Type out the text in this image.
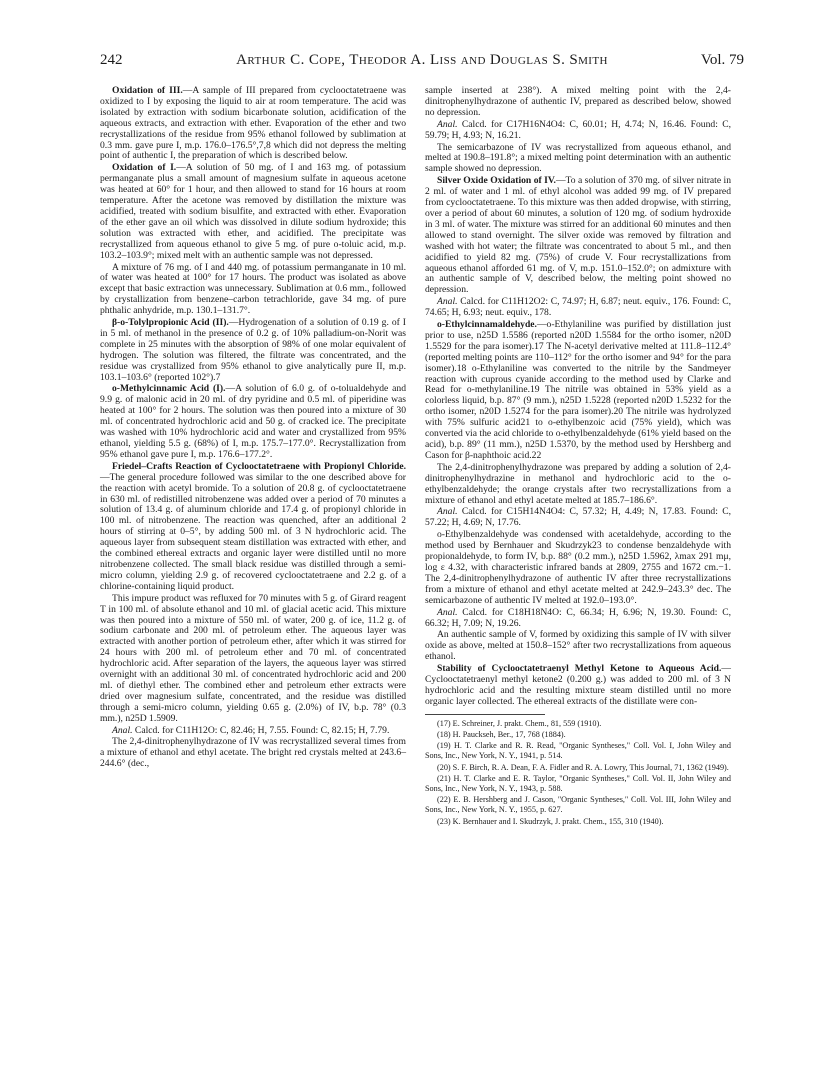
242	Arthur C. Cope, Theodor A. Liss and Douglas S. Smith	Vol. 79

Oxidation of III.—A sample of III prepared from cyclooctatetraene was oxidized to I by exposing the liquid to air at room temperature. The acid was isolated by extraction with sodium bicarbonate solution, acidification of the aqueous extracts, and extraction with ether. Evaporation of the ether and two recrystallizations of the residue from 95% ethanol followed by sublimation at 0.3 mm. gave pure I, m.p. 176.0–176.5°,7,8 which did not depress the melting point of authentic I, the preparation of which is described below.

Oxidation of I.—A solution of 50 mg. of I and 163 mg. of potassium permanganate plus a small amount of magnesium sulfate in aqueous acetone was heated at 60° for 1 hour, and then allowed to stand for 16 hours at room temperature. After the acetone was removed by distillation the mixture was acidified, treated with sodium bisulfite, and extracted with ether. Evaporation of the ether gave an oil which was dissolved in dilute sodium hydroxide; this solution was extracted with ether, and acidified. The precipitate was recrystallized from aqueous ethanol to give 5 mg. of pure o-toluic acid, m.p. 103.2–103.9°; mixed melt with an authentic sample was not depressed.

A mixture of 76 mg. of I and 440 mg. of potassium permanganate in 10 ml. of water was heated at 100° for 17 hours. The product was isolated as above except that basic extraction was unnecessary. Sublimation at 0.6 mm., followed by crystallization from benzene–carbon tetrachloride, gave 34 mg. of pure phthalic anhydride, m.p. 130.1–131.7°.

β-o-Tolylpropionic Acid (II).—Hydrogenation of a solution of 0.19 g. of I in 5 ml. of methanol in the presence of 0.2 g. of 10% palladium-on-Norit was complete in 25 minutes with the absorption of 98% of one molar equivalent of hydrogen. The solution was filtered, the filtrate was concentrated, and the residue was crystallized from 95% ethanol to give analytically pure II, m.p. 103.1–103.6° (reported 102°).7

o-Methylcinnamic Acid (I).—A solution of 6.0 g. of o-tolualdehyde and 9.9 g. of malonic acid in 20 ml. of dry pyridine and 0.5 ml. of piperidine was heated at 100° for 2 hours. The solution was then poured into a mixture of 30 ml. of concentrated hydrochloric acid and 50 g. of cracked ice. The precipitate was washed with 10% hydrochloric acid and water and crystallized from 95% ethanol, yielding 5.5 g. (68%) of I, m.p. 175.7–177.0°. Recrystallization from 95% ethanol gave pure I, m.p. 176.6–177.2°.

Friedel–Crafts Reaction of Cyclooctatetraene with Propionyl Chloride.—The general procedure followed was similar to the one described above for the reaction with acetyl bromide. To a solution of 20.8 g. of cyclooctatetraene in 630 ml. of redistilled nitrobenzene was added over a period of 70 minutes a solution of 13.4 g. of aluminum chloride and 17.4 g. of propionyl chloride in 100 ml. of nitrobenzene. The reaction was quenched, after an additional 2 hours of stirring at 0–5°, by adding 500 ml. of 3 N hydrochloric acid. The aqueous layer from subsequent steam distillation was extracted with ether, and the combined ethereal extracts and organic layer were distilled until no more nitrobenzene collected. The small black residue was distilled through a semi-micro column, yielding 2.9 g. of recovered cyclooctatetraene and 2.2 g. of a chlorine-containing liquid product.

This impure product was refluxed for 70 minutes with 5 g. of Girard reagent T in 100 ml. of absolute ethanol and 10 ml. of glacial acetic acid. This mixture was then poured into a mixture of 550 ml. of water, 200 g. of ice, 11.2 g. of sodium carbonate and 200 ml. of petroleum ether. The aqueous layer was extracted with another portion of petroleum ether, after which it was stirred for 24 hours with 200 ml. of petroleum ether and 70 ml. of concentrated hydrochloric acid. After separation of the layers, the aqueous layer was stirred overnight with an additional 30 ml. of concentrated hydrochloric acid and 200 ml. of diethyl ether. The combined ether and petroleum ether extracts were dried over magnesium sulfate, concentrated, and the residue was distilled through a semi-micro column, yielding 0.65 g. (2.0%) of IV, b.p. 78° (0.3 mm.), n25D 1.5909.

Anal. Calcd. for C11H12O: C, 82.46; H, 7.55. Found: C, 82.15; H, 7.79.

The 2,4-dinitrophenylhydrazone of IV was recrystallized several times from a mixture of ethanol and ethyl acetate. The bright red crystals melted at 243.6–244.6° (dec.,

sample inserted at 238°). A mixed melting point with the 2,4-dinitrophenylhydrazone of authentic IV, prepared as described below, showed no depression.

Anal. Calcd. for C17H16N4O4: C, 60.01; H, 4.74; N, 16.46. Found: C, 59.79; H, 4.93; N, 16.21.

The semicarbazone of IV was recrystallized from aqueous ethanol, and melted at 190.8–191.8°; a mixed melting point determination with an authentic sample showed no depression.

Silver Oxide Oxidation of IV.—To a solution of 370 mg. of silver nitrate in 2 ml. of water and 1 ml. of ethyl alcohol was added 99 mg. of IV prepared from cyclooctatetraene. To this mixture was then added dropwise, with stirring, over a period of about 60 minutes, a solution of 120 mg. of sodium hydroxide in 3 ml. of water. The mixture was stirred for an additional 60 minutes and then allowed to stand overnight. The silver oxide was removed by filtration and washed with hot water; the filtrate was concentrated to about 5 ml., and then acidified to yield 82 mg. (75%) of crude V. Four recrystallizations from aqueous ethanol afforded 61 mg. of V, m.p. 151.0–152.0°; on admixture with an authentic sample of V, described below, the melting point showed no depression.

Anal. Calcd. for C11H12O2: C, 74.97; H, 6.87; neut. equiv., 176. Found: C, 74.65; H, 6.93; neut. equiv., 178.

o-Ethylcinnamaldehyde.—o-Ethylaniline was purified by distillation just prior to use, n25D 1.5586 (reported n20D 1.5584 for the ortho isomer, n20D 1.5529 for the para isomer).17 The N-acetyl derivative melted at 111.8–112.4° (reported melting points are 110–112° for the ortho isomer and 94° for the para isomer).18 o-Ethylaniline was converted to the nitrile by the Sandmeyer reaction with cuprous cyanide according to the method used by Clarke and Read for o-methylaniline.19 The nitrile was obtained in 53% yield as a colorless liquid, b.p. 87° (9 mm.), n25D 1.5228 (reported n20D 1.5232 for the ortho isomer, n20D 1.5274 for the para isomer).20 The nitrile was hydrolyzed with 75% sulfuric acid21 to o-ethylbenzoic acid (75% yield), which was converted via the acid chloride to o-ethylbenzaldehyde (61% yield based on the acid), b.p. 89° (11 mm.), n25D 1.5370, by the method used by Hershberg and Cason for β-naphthoic acid.22

The 2,4-dinitrophenylhydrazone was prepared by adding a solution of 2,4-dinitrophenylhydrazine in methanol and hydrochloric acid to the o-ethylbenzaldehyde; the orange crystals after two recrystallizations from a mixture of ethanol and ethyl acetate melted at 185.7–186.6°.

Anal. Calcd. for C15H14N4O4: C, 57.32; H, 4.49; N, 17.83. Found: C, 57.22; H, 4.69; N, 17.76.

o-Ethylbenzaldehyde was condensed with acetaldehyde, according to the method used by Bernhauer and Skudrzyk23 to condense benzaldehyde with propionaldehyde, to form IV, b.p. 88° (0.2 mm.), n25D 1.5962, λmax 291 mμ, log ε 4.32, with characteristic infrared bands at 2809, 2755 and 1672 cm.−1. The 2,4-dinitrophenylhydrazone of authentic IV after three recrystallizations from a mixture of ethanol and ethyl acetate melted at 242.9–243.3° dec. The semicarbazone of authentic IV melted at 192.0–193.0°.

Anal. Calcd. for C18H18N4O: C, 66.34; H, 6.96; N, 19.30. Found: C, 66.32; H, 7.09; N, 19.26.

An authentic sample of V, formed by oxidizing this sample of IV with silver oxide as above, melted at 150.8–152° after two recrystallizations from aqueous ethanol.

Stability of Cyclooctatetraenyl Methyl Ketone to Aqueous Acid.—Cyclooctatetraenyl methyl ketone2 (0.200 g.) was added to 200 ml. of 3 N hydrochloric acid and the resulting mixture steam distilled until no more organic layer collected. The ethereal extracts of the distillate were con-

(17) E. Schreiner, J. prakt. Chem., 81, 559 (1910).

(18) H. Pauckseh, Ber., 17, 768 (1884).

(19) H. T. Clarke and R. R. Read, "Organic Syntheses," Coll. Vol. I, John Wiley and Sons, Inc., New York, N. Y., 1941, p. 514.

(20) S. F. Birch, R. A. Dean, F. A. Fidler and R. A. Lowry, This Journal, 71, 1362 (1949).

(21) H. T. Clarke and E. R. Taylor, "Organic Syntheses," Coll. Vol. II, John Wiley and Sons, Inc., New York, N. Y., 1943, p. 588.

(22) E. B. Hershberg and J. Cason, "Organic Syntheses," Coll. Vol. III, John Wiley and Sons, Inc., New York, N. Y., 1955, p. 627.

(23) K. Bernhauer and I. Skudrzyk, J. prakt. Chem., 155, 310 (1940).
